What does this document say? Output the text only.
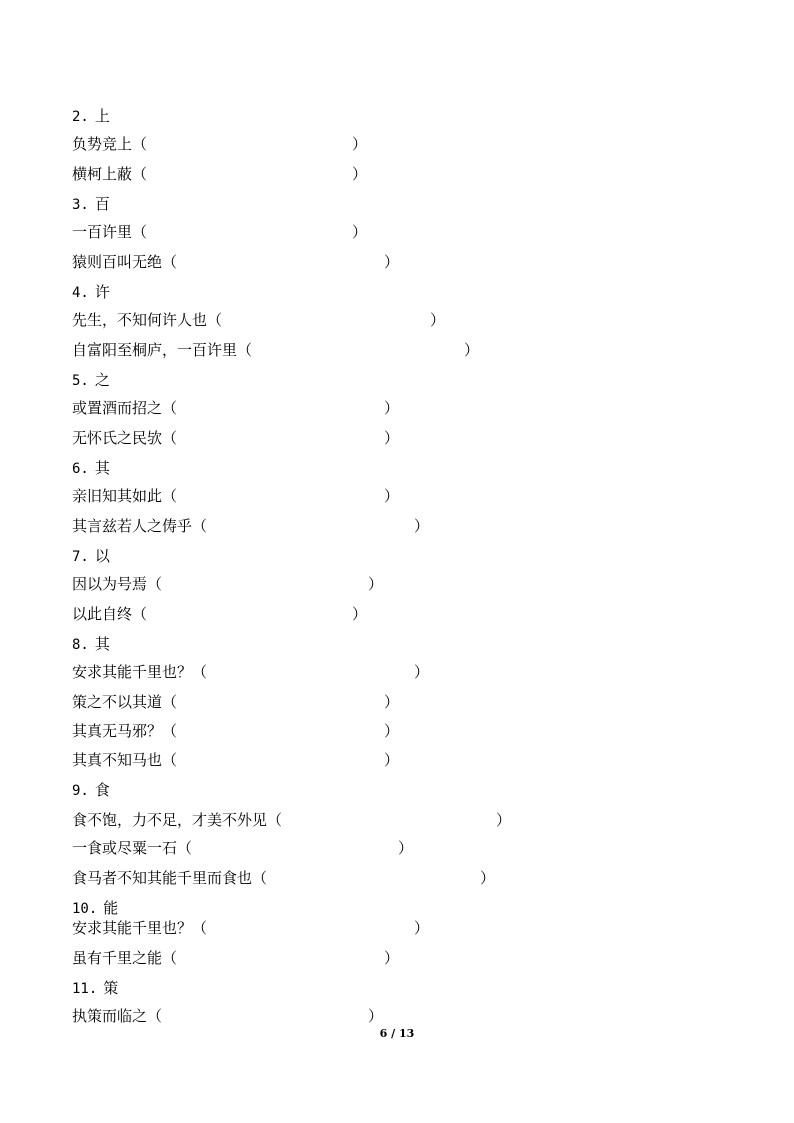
2. 上
负势竞上（	）
横柯上蔽（	）
3. 百
一百许里（	）
猿则百叫无绝（	）
4. 许
先生，不知何许人也（	）
自富阳至桐庐，一百许里（	）
5. 之
或置酒而招之（	）
无怀氏之民欤（	）
6. 其
亲旧知其如此（	）
其言兹若人之俦乎（	）
7. 以
因以为号焉（	）
以此自终（	）
8. 其
安求其能千里也？（	）
策之不以其道（	）
其真无马邪？（	）
其真不知马也（	）
9. 食
食不饱，力不足，才美不外见（	）
一食或尽粟一石（	）
食马者不知其能千里而食也（	）
10. 能
安求其能千里也？（	）
虽有千里之能（	）
11. 策
执策而临之（	）
6 / 13
